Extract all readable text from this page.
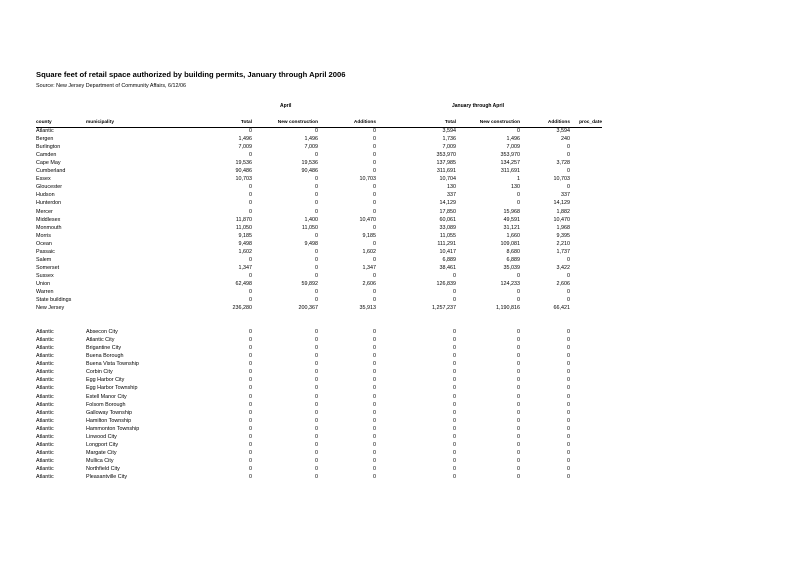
Square feet of retail space authorized by building permits, January through April 2006
Source: New Jersey Department of Community Affairs, 6/12/06
April	January through April
county	municipality	Total	New construction	Additions	Total	New construction	Additions	proc_date
Atlantic		0	0	0	3,594	0	3,594	
Bergen		1,496	1,496	0	1,736	1,496	240	
Burlington		7,009	7,009	0	7,009	7,009	0	
Camden		0	0	0	353,970	353,970	0	
Cape May		19,536	19,536	0	137,985	134,257	3,728	
Cumberland		90,486	90,486	0	311,691	311,691	0	
Essex		10,703	0	10,703	10,704	1	10,703	
Gloucester		0	0	0	130	130	0	
Hudson		0	0	0	337	0	337	
Hunterdon		0	0	0	14,129	0	14,129	
Mercer		0	0	0	17,850	15,968	1,882	
Middlesex		11,870	1,400	10,470	60,061	49,591	10,470	
Monmouth		11,050	11,050	0	33,089	31,121	1,968	
Morris		9,185	0	9,185	11,055	1,660	9,395	
Ocean		9,498	9,498	0	111,291	109,081	2,210	
Passaic		1,602	0	1,602	10,417	8,680	1,737	
Salem		0	0	0	6,889	6,889	0	
Somerset		1,347	0	1,347	38,461	35,039	3,422	
Sussex		0	0	0	0	0	0	
Union		62,498	59,892	2,606	126,839	124,233	2,606	
Warren		0	0	0	0	0	0	
State buildings		0	0	0	0	0	0	
New Jersey		236,280	200,367	35,913	1,257,237	1,190,816	66,421	

Atlantic	Absecon City	0	0	0	0	0	0	
Atlantic	Atlantic City	0	0	0	0	0	0	
Atlantic	Brigantine City	0	0	0	0	0	0	
Atlantic	Buena Borough	0	0	0	0	0	0	
Atlantic	Buena Vista Township	0	0	0	0	0	0	
Atlantic	Corbin City	0	0	0	0	0	0	
Atlantic	Egg Harbor City	0	0	0	0	0	0	
Atlantic	Egg Harbor Township	0	0	0	0	0	0	
Atlantic	Estell Manor City	0	0	0	0	0	0	
Atlantic	Folsom Borough	0	0	0	0	0	0	
Atlantic	Galloway Township	0	0	0	0	0	0	
Atlantic	Hamilton Township	0	0	0	0	0	0	
Atlantic	Hammonton Township	0	0	0	0	0	0	
Atlantic	Linwood City	0	0	0	0	0	0	
Atlantic	Longport City	0	0	0	0	0	0	
Atlantic	Margate City	0	0	0	0	0	0	
Atlantic	Mullica City	0	0	0	0	0	0	
Atlantic	Northfield City	0	0	0	0	0	0	
Atlantic	Pleasantville City	0	0	0	0	0	0	
